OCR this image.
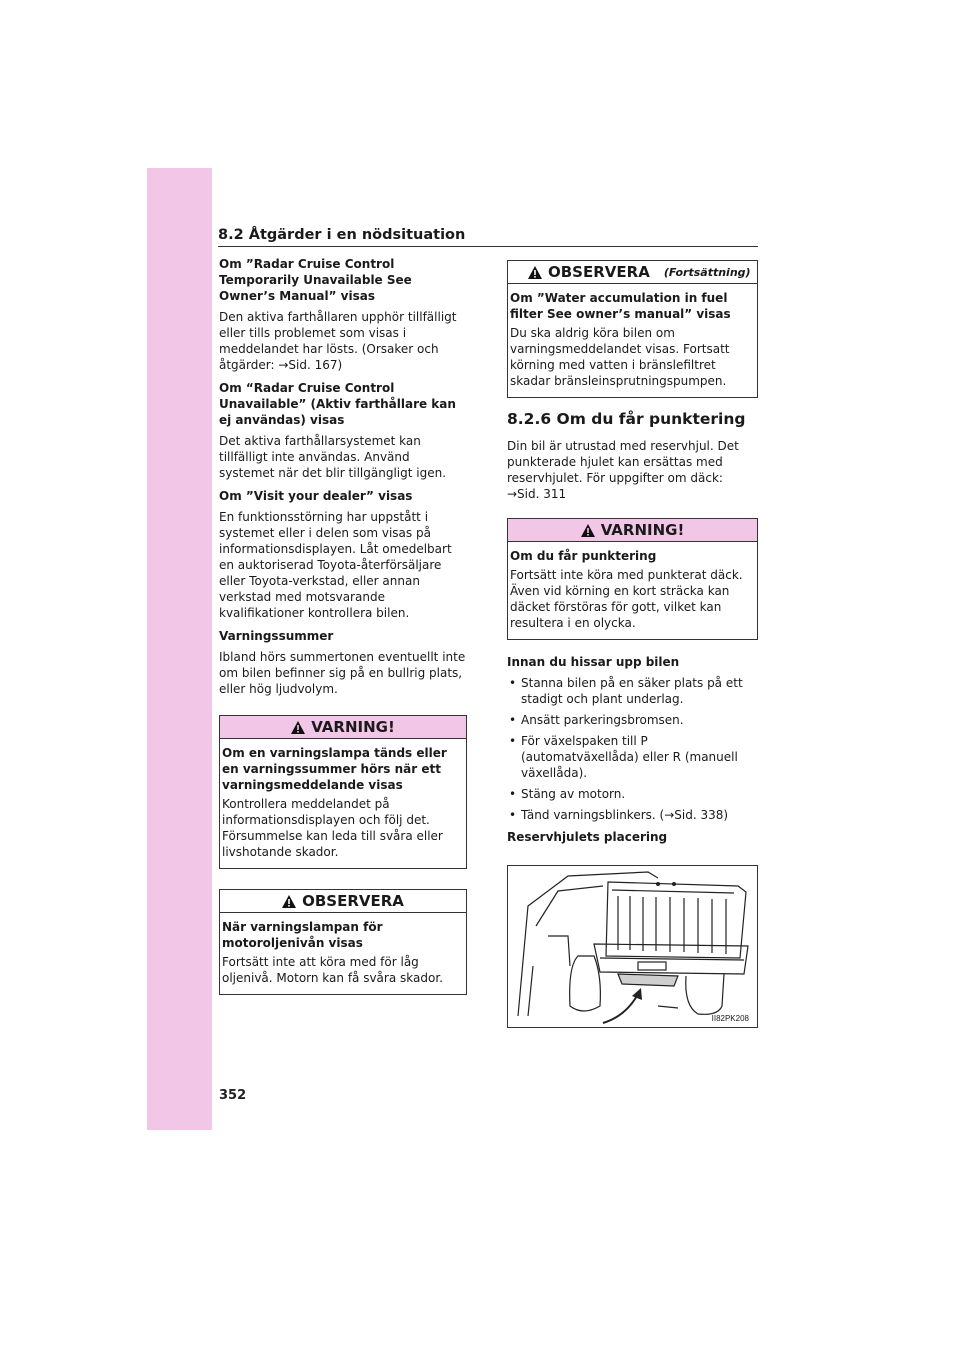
8.2 Åtgärder i en nödsituation
Om ”Radar Cruise Control Temporarily Unavailable See Owner’s Manual” visas
Den aktiva farthållaren upphör tillfälligt eller tills problemet som visas i meddelandet har lösts. (Orsaker och åtgärder: →Sid. 167)
Om “Radar Cruise Control Unavailable” (Aktiv farthållare kan ej användas) visas
Det aktiva farthållarsystemet kan tillfälligt inte användas. Använd systemet när det blir tillgängligt igen.
Om ”Visit your dealer” visas
En funktionsstörning har uppstått i systemet eller i delen som visas på informationsdisplayen. Låt omedelbart en auktoriserad Toyota-återförsäljare eller Toyota-verkstad, eller annan verkstad med motsvarande kvalifikationer kontrollera bilen.
Varningssummer
Ibland hörs summertonen eventuellt inte om bilen befinner sig på en bullrig plats, eller hög ljudvolym.
VARNING!
Om en varningslampa tänds eller en varningssummer hörs när ett varningsmeddelande visas
Kontrollera meddelandet på informationsdisplayen och följ det. Försummelse kan leda till svåra eller livshotande skador.
OBSERVERA
När varningslampan för motoroljenivån visas
Fortsätt inte att köra med för låg oljenivå. Motorn kan få svåra skador.
OBSERVERA (Fortsättning)
Om ”Water accumulation in fuel filter See owner’s manual” visas
Du ska aldrig köra bilen om varningsmeddelandet visas. Fortsatt körning med vatten i bränslefiltret skadar bränsleinsprutningspumpen.
8.2.6 Om du får punktering
Din bil är utrustad med reservhjul. Det punkterade hjulet kan ersättas med reservhjulet. För uppgifter om däck: →Sid. 311
VARNING!
Om du får punktering
Fortsätt inte köra med punkterat däck. Även vid körning en kort sträcka kan däcket förstöras för gott, vilket kan resultera i en olycka.
Innan du hissar upp bilen
• Stanna bilen på en säker plats på ett stadigt och plant underlag.
• Ansätt parkeringsbromsen.
• För växelspaken till P (automatväxellåda) eller R (manuell växellåda).
• Stäng av motorn.
• Tänd varningsblinkers. (→Sid. 338)
Reservhjulets placering
II82PK208
352
